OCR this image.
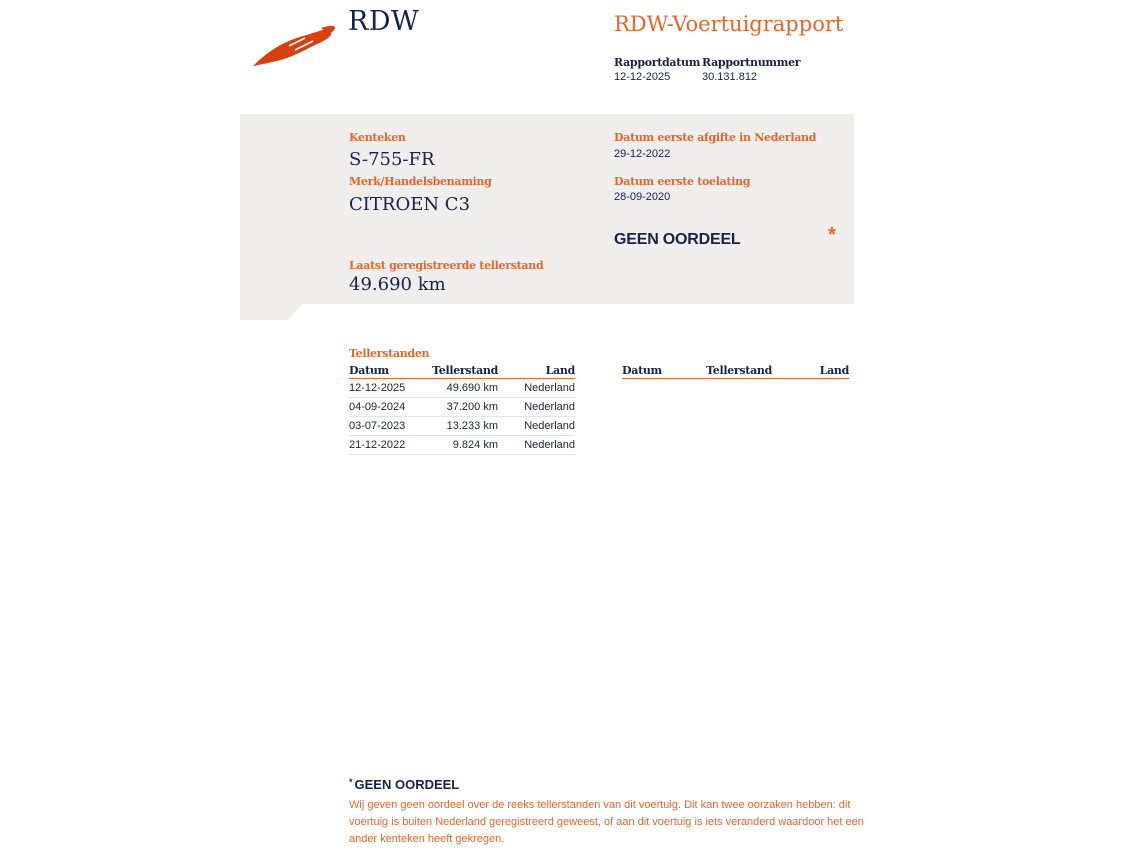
RDW	RDW-Voertuigrapport
Rapportdatum
12-12-2025
Rapportnummer
30.131.812
Kenteken
S-755-FR
Merk/Handelsbenaming
CITROEN C3
Laatst geregistreerde tellerstand
49.690 km
Datum eerste afgifte in Nederland
29-12-2022
Datum eerste toelating
28-09-2020
GEEN OORDEEL	*
Tellerstanden
Datum	Tellerstand	Land
12-12-2025	49.690 km	Nederland
04-09-2024	37.200 km	Nederland
03-07-2023	13.233 km	Nederland
21-12-2022	9.824 km	Nederland
Datum	Tellerstand	Land
* GEEN OORDEEL
Wij geven geen oordeel over de reeks tellerstanden van dit voertuig. Dit kan twee oorzaken hebben: dit voertuig is buiten Nederland geregistreerd geweest, of aan dit voertuig is iets veranderd waardoor het een ander kenteken heeft gekregen.
